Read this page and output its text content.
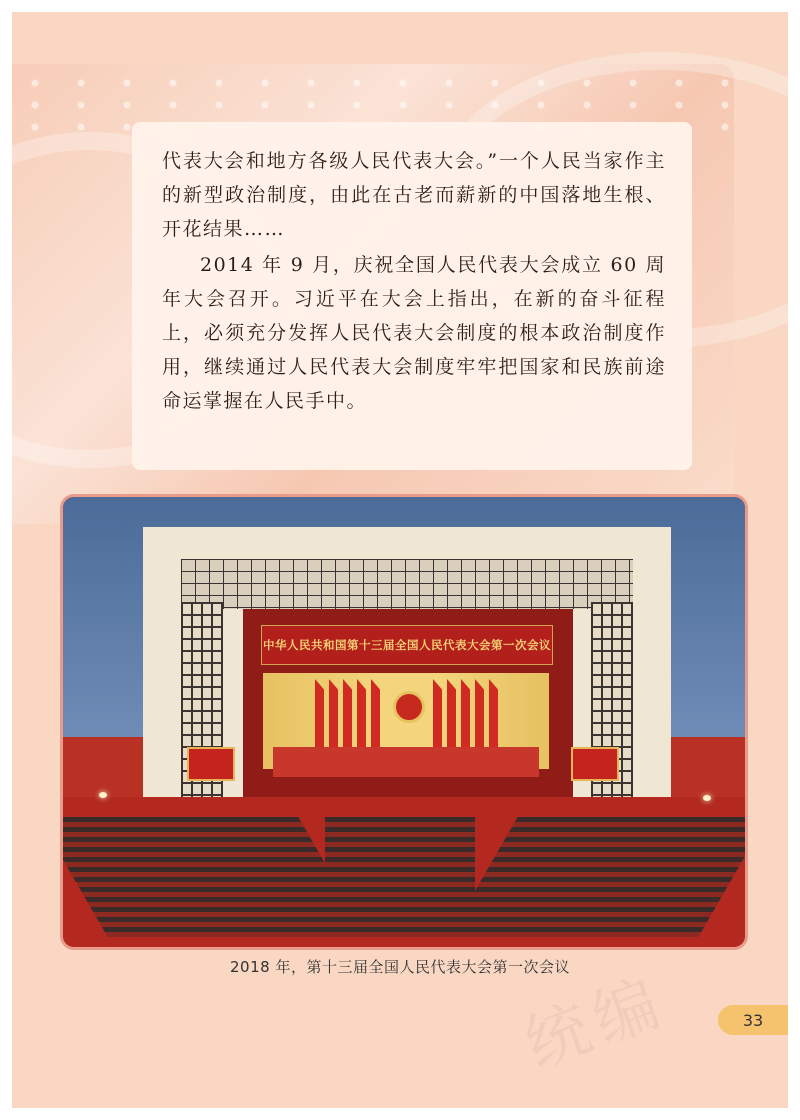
代表大会和地方各级人民代表大会。”一个人民当家作主的新型政治制度，由此在古老而薪新的中国落地生根、开花结果……

2014 年 9 月，庆祝全国人民代表大会成立 60 周年大会召开。习近平在大会上指出，在新的奋斗征程上，必须充分发挥人民代表大会制度的根本政治制度作用，继续通过人民代表大会制度牢牢把国家和民族前途命运掌握在人民手中。

中华人民共和国第十三届全国人民代表大会第一次会议
2018 年，第十三届全国人民代表大会第一次会议
统编	33
